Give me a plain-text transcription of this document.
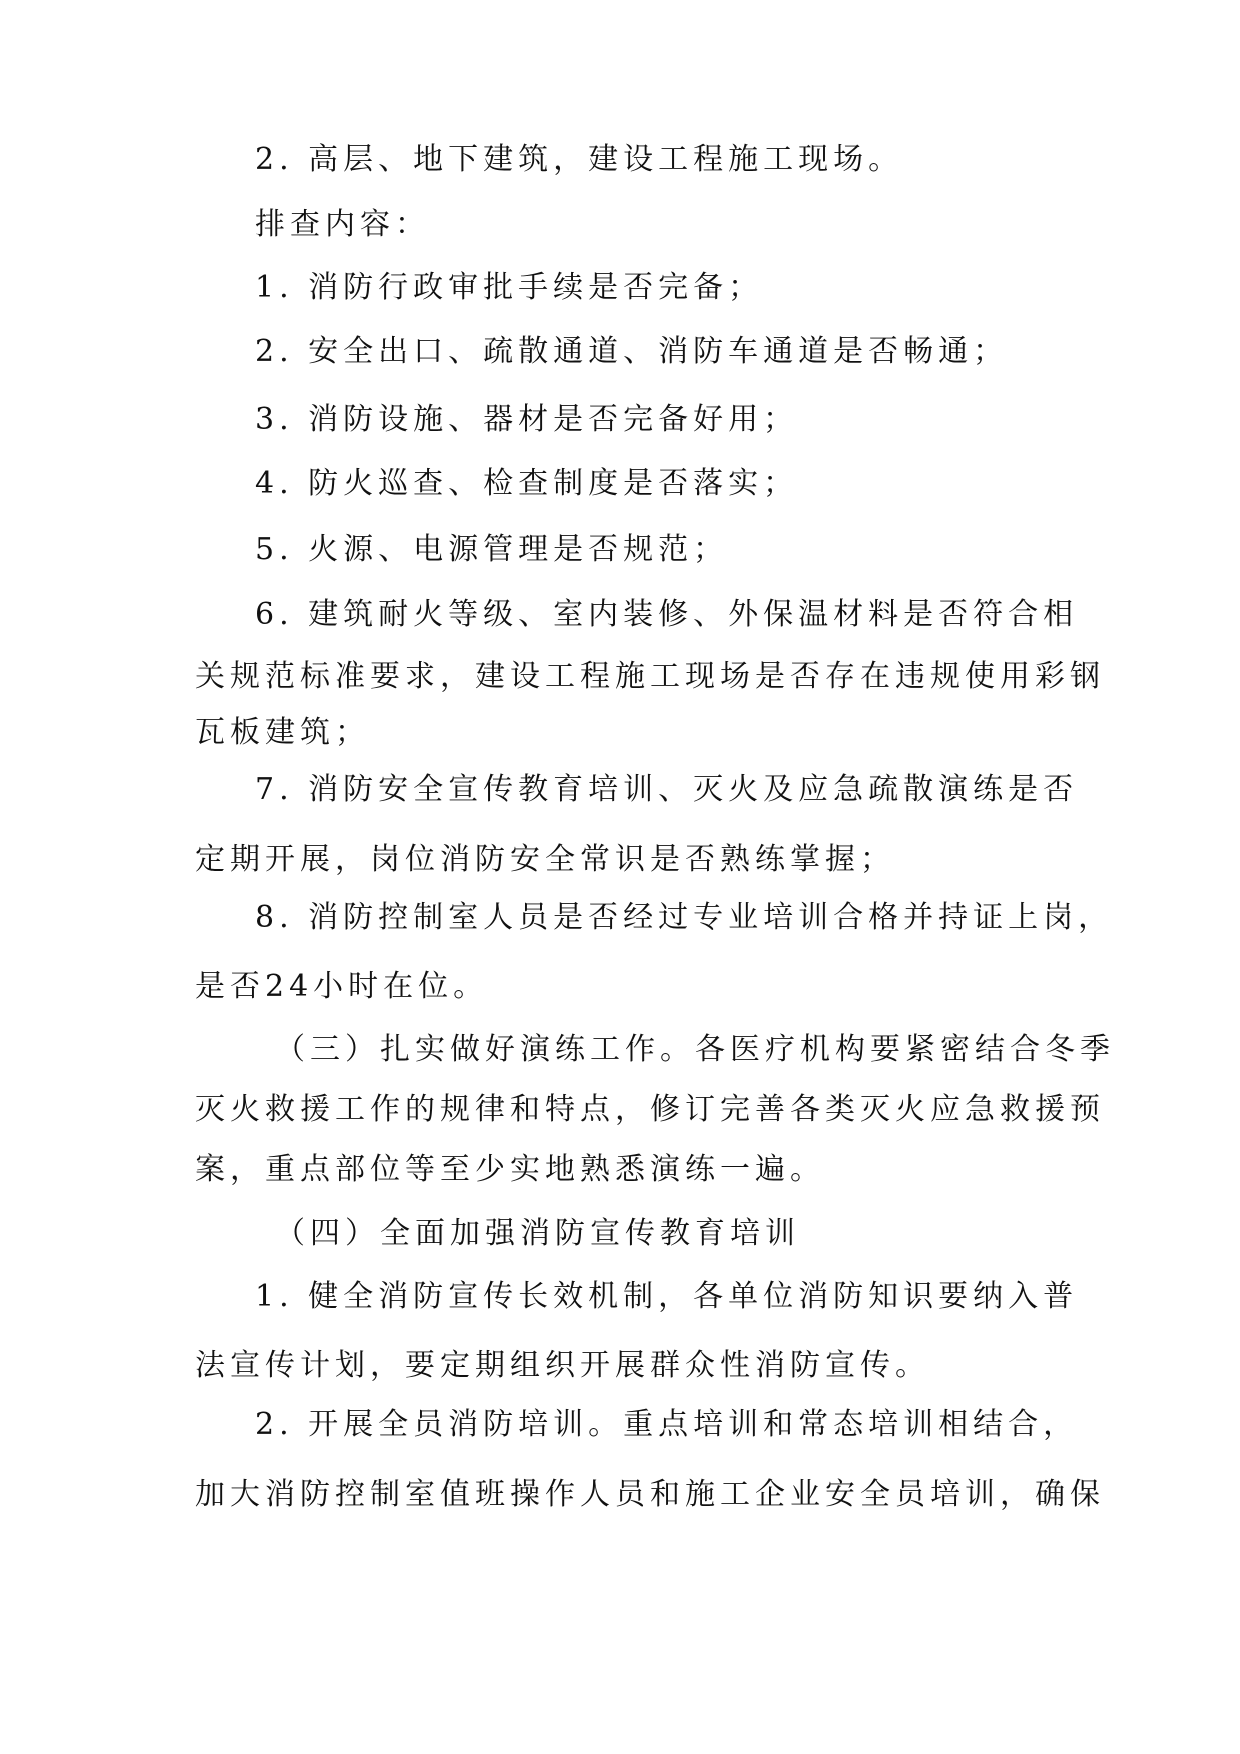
2. 高层、地下建筑，建设工程施工现场。
排查内容：
1. 消防行政审批手续是否完备；
2. 安全出口、疏散通道、消防车通道是否畅通；
3. 消防设施、器材是否完备好用；
4. 防火巡查、检查制度是否落实；
5. 火源、电源管理是否规范；
6. 建筑耐火等级、室内装修、外保温材料是否符合相
关规范标准要求，建设工程施工现场是否存在违规使用彩钢
瓦板建筑；
7. 消防安全宣传教育培训、灭火及应急疏散演练是否
定期开展，岗位消防安全常识是否熟练掌握；
8. 消防控制室人员是否经过专业培训合格并持证上岗，
是否24小时在位。
（三）扎实做好演练工作。各医疗机构要紧密结合冬季
灭火救援工作的规律和特点，修订完善各类灭火应急救援预
案，重点部位等至少实地熟悉演练一遍。
（四）全面加强消防宣传教育培训
1. 健全消防宣传长效机制，各单位消防知识要纳入普
法宣传计划，要定期组织开展群众性消防宣传。
2. 开展全员消防培训。重点培训和常态培训相结合，
加大消防控制室值班操作人员和施工企业安全员培训，确保
